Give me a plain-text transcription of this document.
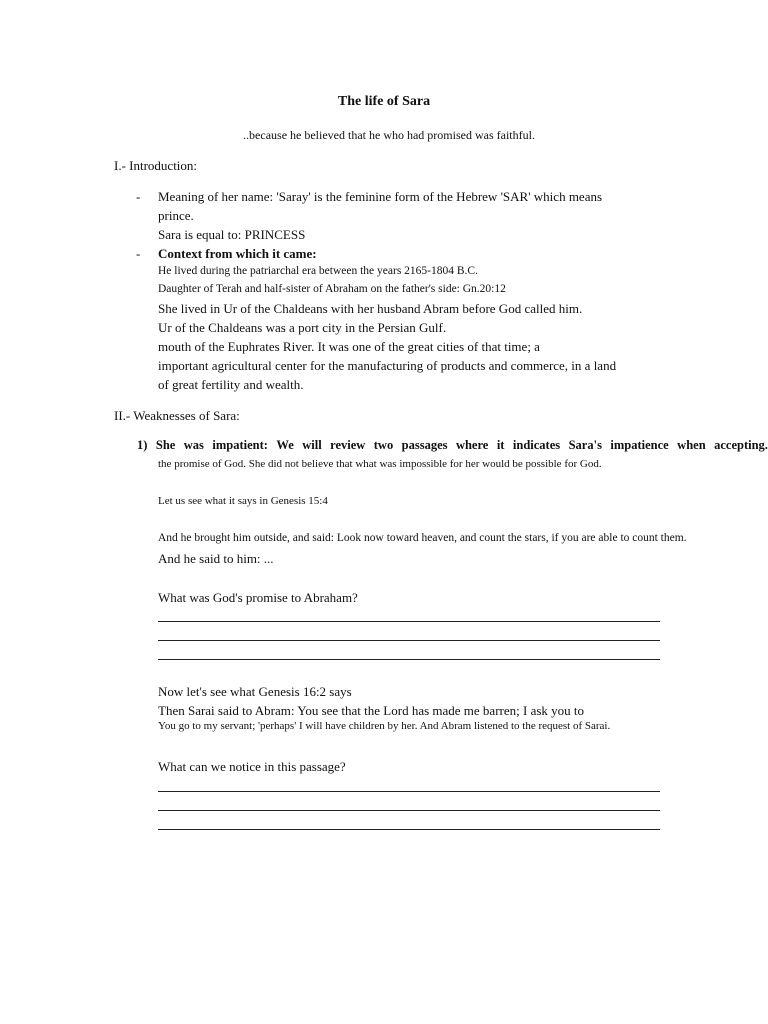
The life of Sara
..because he believed that he who had promised was faithful.
I.- Introduction:
- Meaning of her name: 'Saray' is the feminine form of the Hebrew 'SAR' which means
prince.
Sara is equal to: PRINCESS
- Context from which it came:
He lived during the patriarchal era between the years 2165-1804 B.C.
Daughter of Terah and half-sister of Abraham on the father's side: Gn.20:12
She lived in Ur of the Chaldeans with her husband Abram before God called him.
Ur of the Chaldeans was a port city in the Persian Gulf.
mouth of the Euphrates River. It was one of the great cities of that time; a
important agricultural center for the manufacturing of products and commerce, in a land
of great fertility and wealth.
II.- Weaknesses of Sara:
1) She was impatient: We will review two passages where it indicates Sara's impatience when accepting.
the promise of God. She did not believe that what was impossible for her would be possible for God.
Let us see what it says in Genesis 15:4
And he brought him outside, and said: Look now toward heaven, and count the stars, if you are able to count them.
And he said to him: ...
What was God's promise to Abraham?
Now let's see what Genesis 16:2 says
Then Sarai said to Abram: You see that the Lord has made me barren; I ask you to
You go to my servant; 'perhaps' I will have children by her. And Abram listened to the request of Sarai.
What can we notice in this passage?
